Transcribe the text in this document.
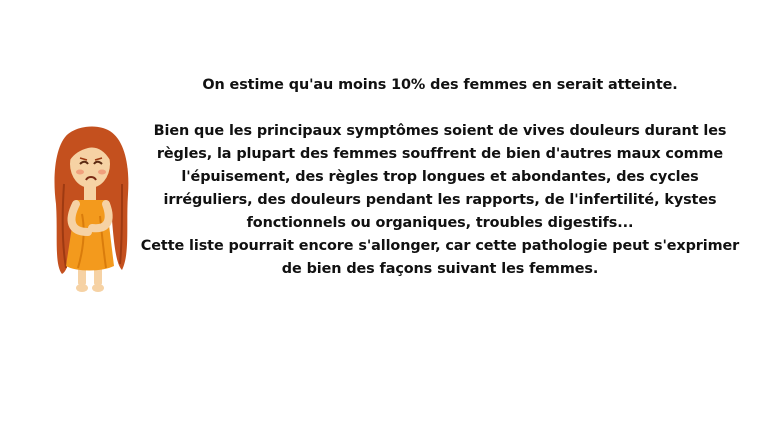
On estime qu'au moins 10% des femmes en serait atteinte.

Bien que les principaux symptômes soient de vives douleurs durant les

règles, la plupart des femmes souffrent de bien d'autres maux comme

l'épuisement, des règles trop longues et abondantes, des cycles

irréguliers, des douleurs pendant les rapports, de l'infertilité, kystes

fonctionnels ou organiques, troubles digestifs...

Cette liste pourrait encore s'allonger, car cette pathologie peut s'exprimer

de bien des façons suivant les femmes.
